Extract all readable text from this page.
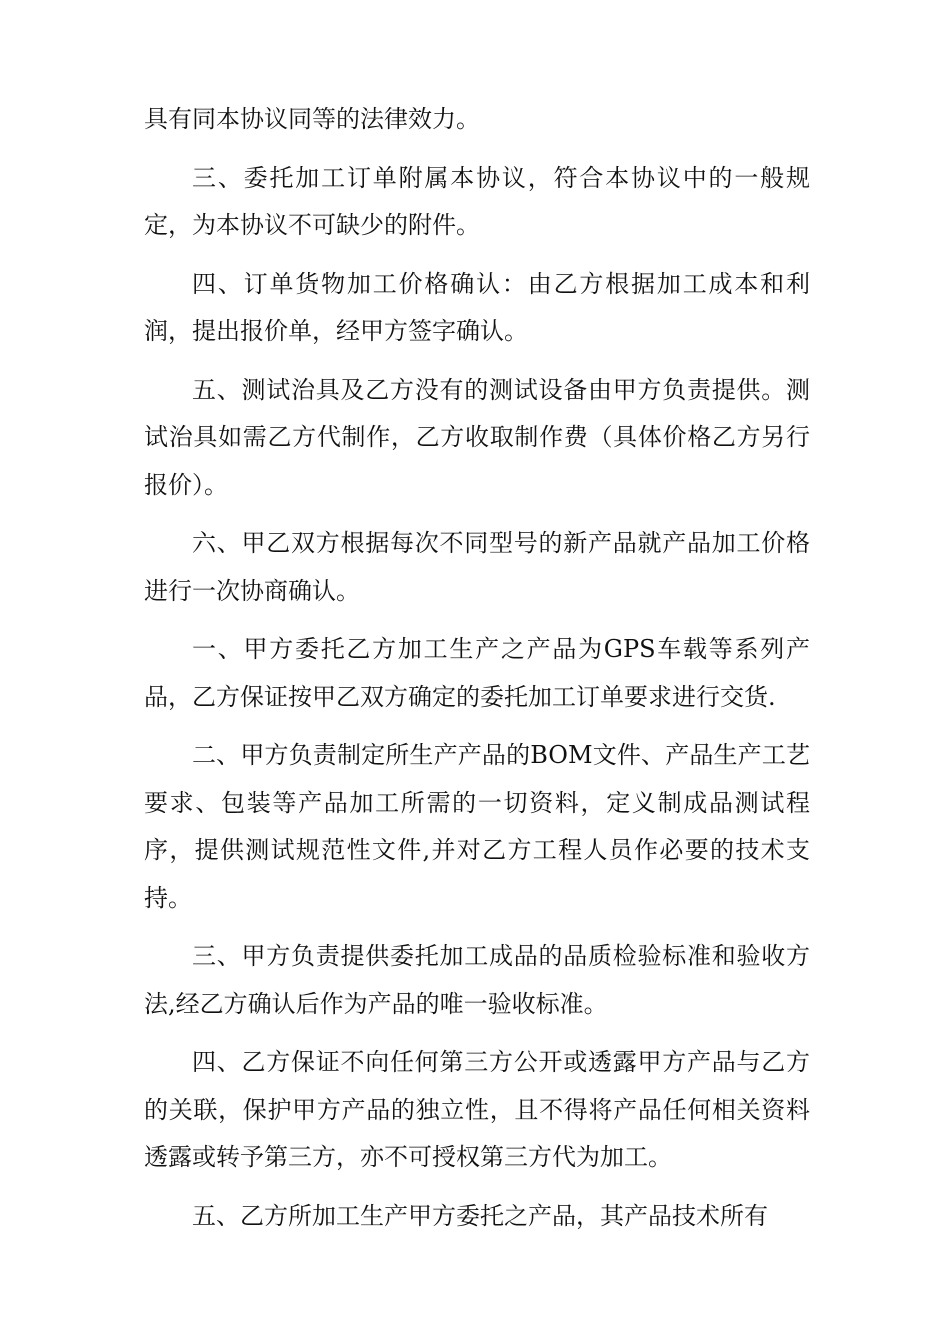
具有同本协议同等的法律效力。

三、委托加工订单附属本协议，符合本协议中的一般规定，为本协议不可缺少的附件。

四、订单货物加工价格确认：由乙方根据加工成本和利润，提出报价单，经甲方签字确认。

五、测试治具及乙方没有的测试设备由甲方负责提供。测试治具如需乙方代制作，乙方收取制作费（具体价格乙方另行报价）。

六、甲乙双方根据每次不同型号的新产品就产品加工价格进行一次协商确认。

一、甲方委托乙方加工生产之产品为GPS车载等系列产品，乙方保证按甲乙双方确定的委托加工订单要求进行交货.

二、甲方负责制定所生产产品的BOM文件、产品生产工艺要求、包装等产品加工所需的一切资料，定义制成品测试程序，提供测试规范性文件,并对乙方工程人员作必要的技术支持。

三、甲方负责提供委托加工成品的品质检验标准和验收方法,经乙方确认后作为产品的唯一验收标准。

四、乙方保证不向任何第三方公开或透露甲方产品与乙方的关联，保护甲方产品的独立性，且不得将产品任何相关资料透露或转予第三方，亦不可授权第三方代为加工。

五、乙方所加工生产甲方委托之产品，其产品技术所有
